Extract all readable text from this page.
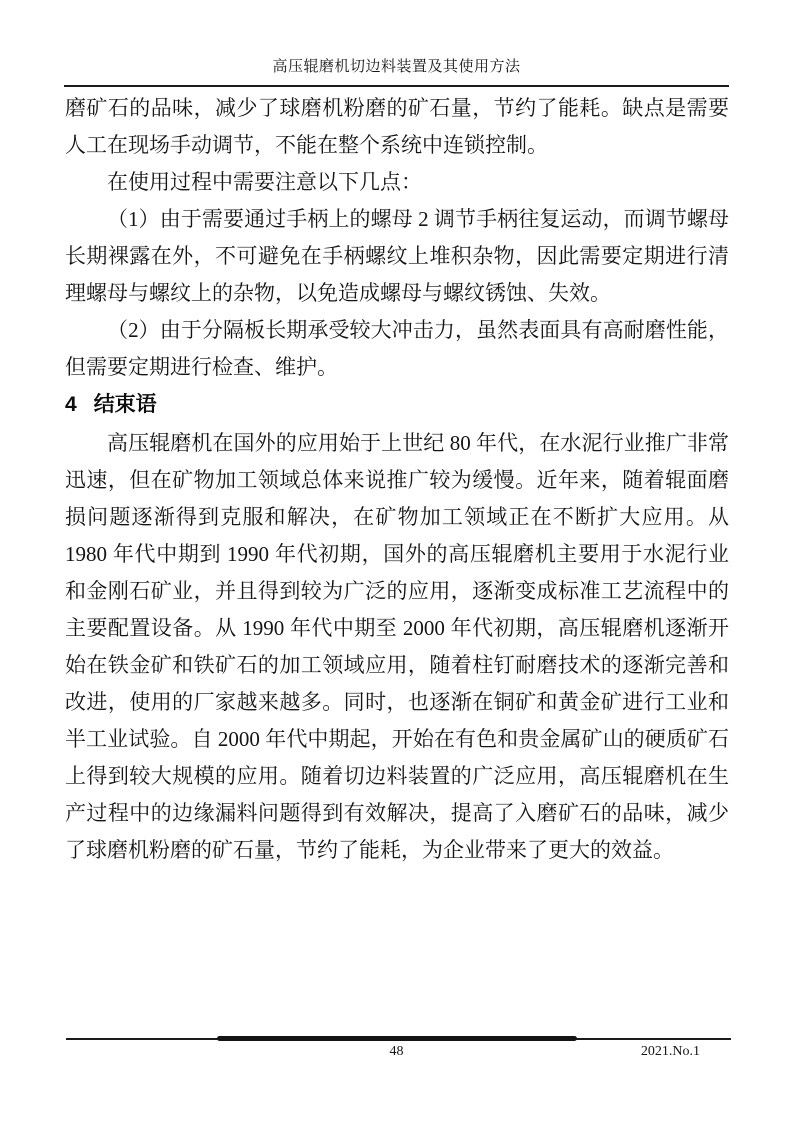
高压辊磨机切边料装置及其使用方法

磨矿石的品味，减少了球磨机粉磨的矿石量，节约了能耗。缺点是需要人工在现场手动调节，不能在整个系统中连锁控制。

在使用过程中需要注意以下几点：

（1）由于需要通过手柄上的螺母 2 调节手柄往复运动，而调节螺母长期裸露在外，不可避免在手柄螺纹上堆积杂物，因此需要定期进行清理螺母与螺纹上的杂物，以免造成螺母与螺纹锈蚀、失效。

（2）由于分隔板长期承受较大冲击力，虽然表面具有高耐磨性能，但需要定期进行检查、维护。

4 结束语

高压辊磨机在国外的应用始于上世纪 80 年代，在水泥行业推广非常迅速，但在矿物加工领域总体来说推广较为缓慢。近年来，随着辊面磨损问题逐渐得到克服和解决，在矿物加工领域正在不断扩大应用。从 1980 年代中期到 1990 年代初期，国外的高压辊磨机主要用于水泥行业和金刚石矿业，并且得到较为广泛的应用，逐渐变成标准工艺流程中的主要配置设备。从 1990 年代中期至 2000 年代初期，高压辊磨机逐渐开始在铁金矿和铁矿石的加工领域应用，随着柱钉耐磨技术的逐渐完善和改进，使用的厂家越来越多。同时，也逐渐在铜矿和黄金矿进行工业和半工业试验。自 2000 年代中期起，开始在有色和贵金属矿山的硬质矿石上得到较大规模的应用。随着切边料装置的广泛应用，高压辊磨机在生产过程中的边缘漏料问题得到有效解决，提高了入磨矿石的品味，减少了球磨机粉磨的矿石量，节约了能耗，为企业带来了更大的效益。

48	2021.No.1
